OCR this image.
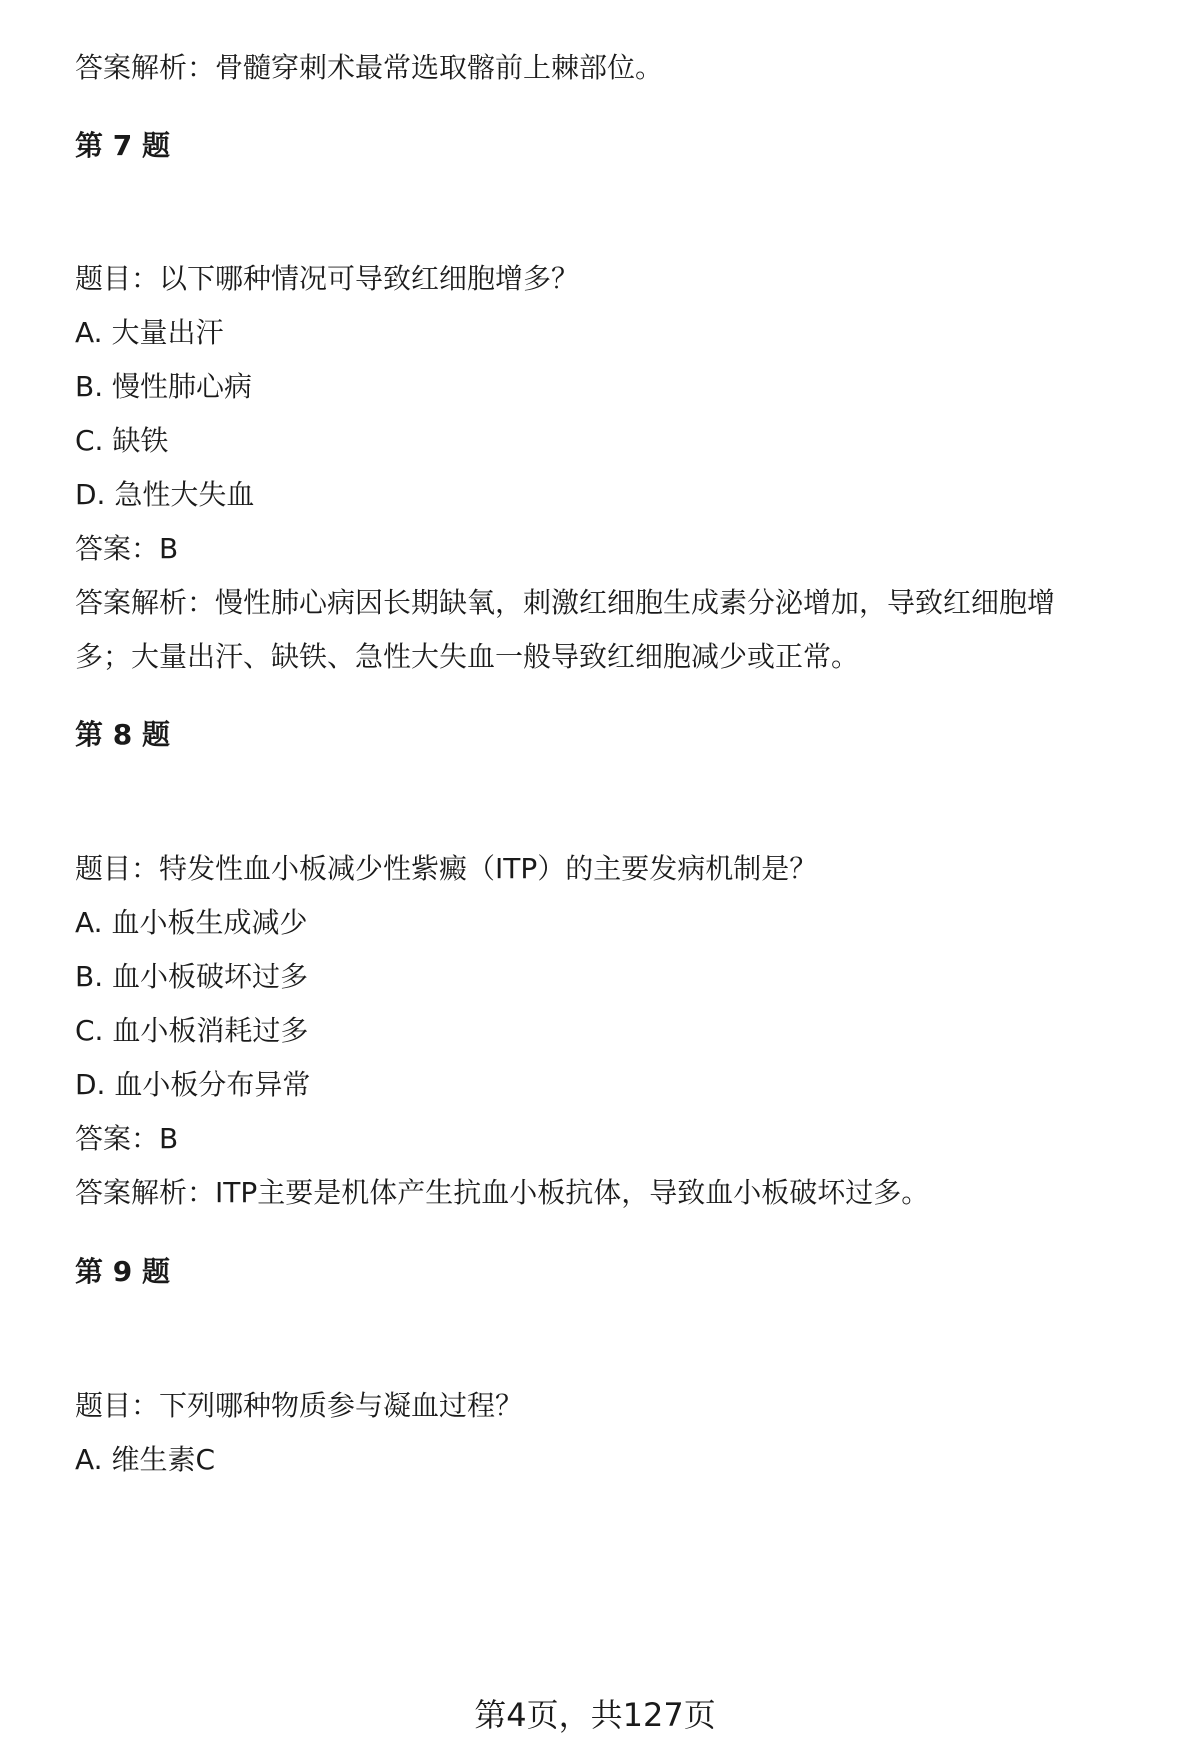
答案解析：骨髓穿刺术最常选取髂前上棘部位。

第 7 题

题目：以下哪种情况可导致红细胞增多？

A. 大量出汗

B. 慢性肺心病

C. 缺铁

D. 急性大失血

答案：B

答案解析：慢性肺心病因长期缺氧，刺激红细胞生成素分泌增加，导致红细胞增

多；大量出汗、缺铁、急性大失血一般导致红细胞减少或正常。

第 8 题

题目：特发性血小板减少性紫癜（ITP）的主要发病机制是？

A. 血小板生成减少

B. 血小板破坏过多

C. 血小板消耗过多

D. 血小板分布异常

答案：B

答案解析：ITP主要是机体产生抗血小板抗体，导致血小板破坏过多。

第 9 题

题目：下列哪种物质参与凝血过程？

A. 维生素C

第4页，共127页
